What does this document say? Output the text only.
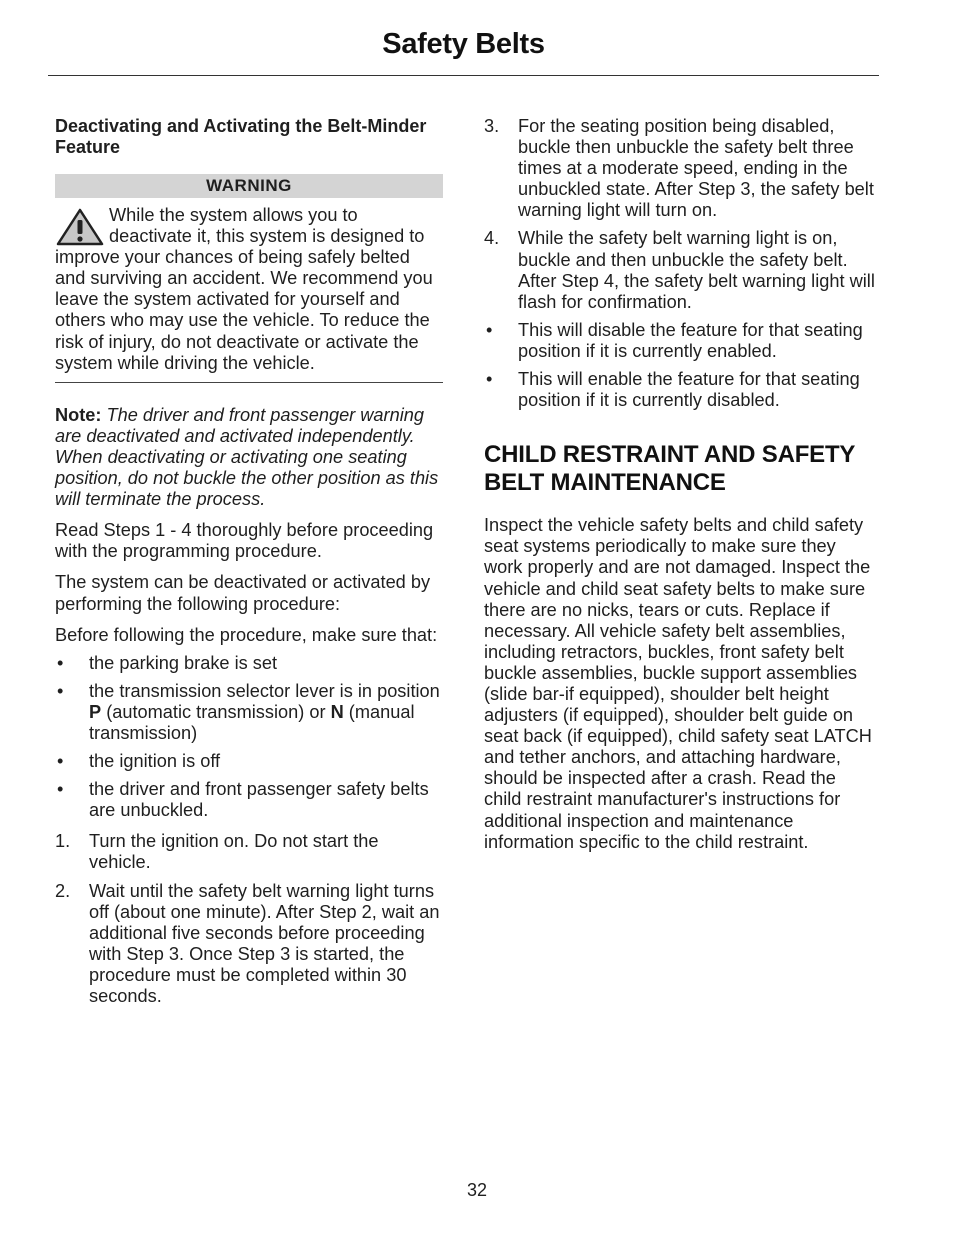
Safety Belts
Deactivating and Activating the Belt-Minder Feature
WARNING

While the system allows you to deactivate it, this system is designed to improve your chances of being safely belted and surviving an accident. We recommend you leave the system activated for yourself and others who may use the vehicle. To reduce the risk of injury, do not deactivate or activate the system while driving the vehicle.

Note: The driver and front passenger warning are deactivated and activated independently. When deactivating or activating one seating position, do not buckle the other position as this will terminate the process.

Read Steps 1 - 4 thoroughly before proceeding with the programming procedure.

The system can be deactivated or activated by performing the following procedure:

Before following the procedure, make sure that:

• the parking brake is set
• the transmission selector lever is in position P (automatic transmission) or N (manual transmission)
• the ignition is off
• the driver and front passenger safety belts are unbuckled.
1. Turn the ignition on. Do not start the vehicle.
2. Wait until the safety belt warning light turns off (about one minute). After Step 2, wait an additional five seconds before proceeding with Step 3. Once Step 3 is started, the procedure must be completed within 30 seconds.
3. For the seating position being disabled, buckle then unbuckle the safety belt three times at a moderate speed, ending in the unbuckled state. After Step 3, the safety belt warning light will turn on.
4. While the safety belt warning light is on, buckle and then unbuckle the safety belt. After Step 4, the safety belt warning light will flash for confirmation.
• This will disable the feature for that seating position if it is currently enabled.
• This will enable the feature for that seating position if it is currently disabled.
CHILD RESTRAINT AND SAFETY BELT MAINTENANCE

Inspect the vehicle safety belts and child safety seat systems periodically to make sure they work properly and are not damaged. Inspect the vehicle and child seat safety belts to make sure there are no nicks, tears or cuts. Replace if necessary. All vehicle safety belt assemblies, including retractors, buckles, front safety belt buckle assemblies, buckle support assemblies (slide bar-if equipped), shoulder belt height adjusters (if equipped), shoulder belt guide on seat back (if equipped), child safety seat LATCH and tether anchors, and attaching hardware, should be inspected after a crash. Read the child restraint manufacturer's instructions for additional inspection and maintenance information specific to the child restraint.

32
